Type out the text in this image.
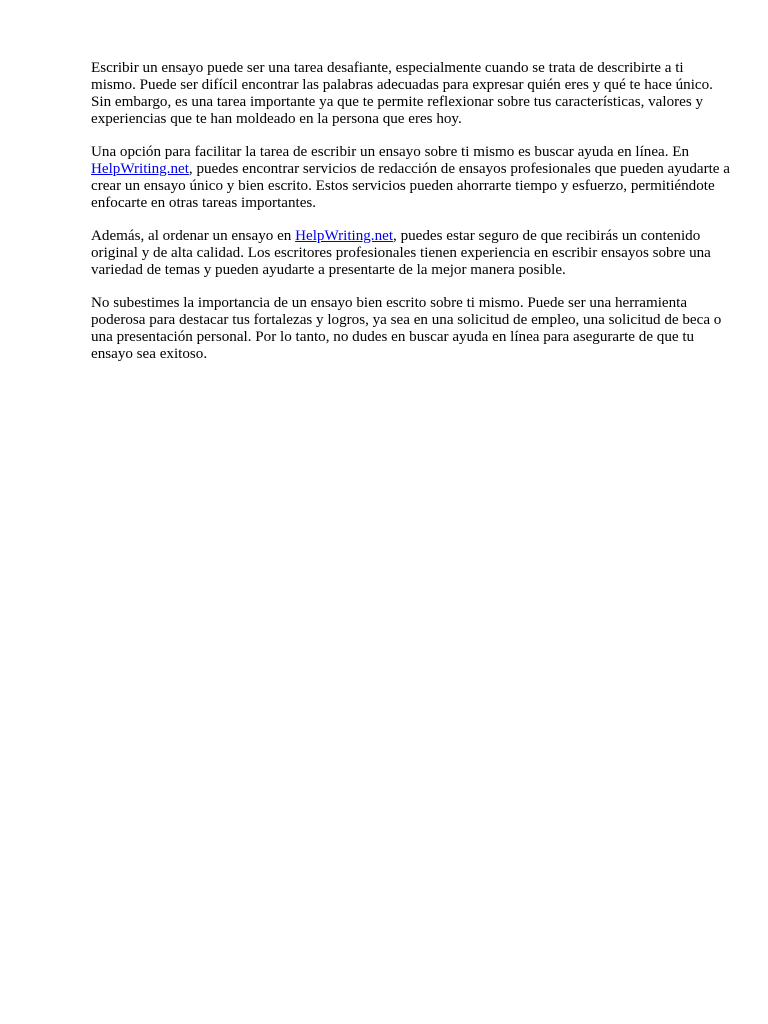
Escribir un ensayo puede ser una tarea desafiante, especialmente cuando se trata de describirte a ti mismo. Puede ser difícil encontrar las palabras adecuadas para expresar quién eres y qué te hace único. Sin embargo, es una tarea importante ya que te permite reflexionar sobre tus características, valores y experiencias que te han moldeado en la persona que eres hoy.

Una opción para facilitar la tarea de escribir un ensayo sobre ti mismo es buscar ayuda en línea. En HelpWriting.net, puedes encontrar servicios de redacción de ensayos profesionales que pueden ayudarte a crear un ensayo único y bien escrito. Estos servicios pueden ahorrarte tiempo y esfuerzo, permitiéndote enfocarte en otras tareas importantes.

Además, al ordenar un ensayo en HelpWriting.net, puedes estar seguro de que recibirás un contenido original y de alta calidad. Los escritores profesionales tienen experiencia en escribir ensayos sobre una variedad de temas y pueden ayudarte a presentarte de la mejor manera posible.

No subestimes la importancia de un ensayo bien escrito sobre ti mismo. Puede ser una herramienta poderosa para destacar tus fortalezas y logros, ya sea en una solicitud de empleo, una solicitud de beca o una presentación personal. Por lo tanto, no dudes en buscar ayuda en línea para asegurarte de que tu ensayo sea exitoso.
